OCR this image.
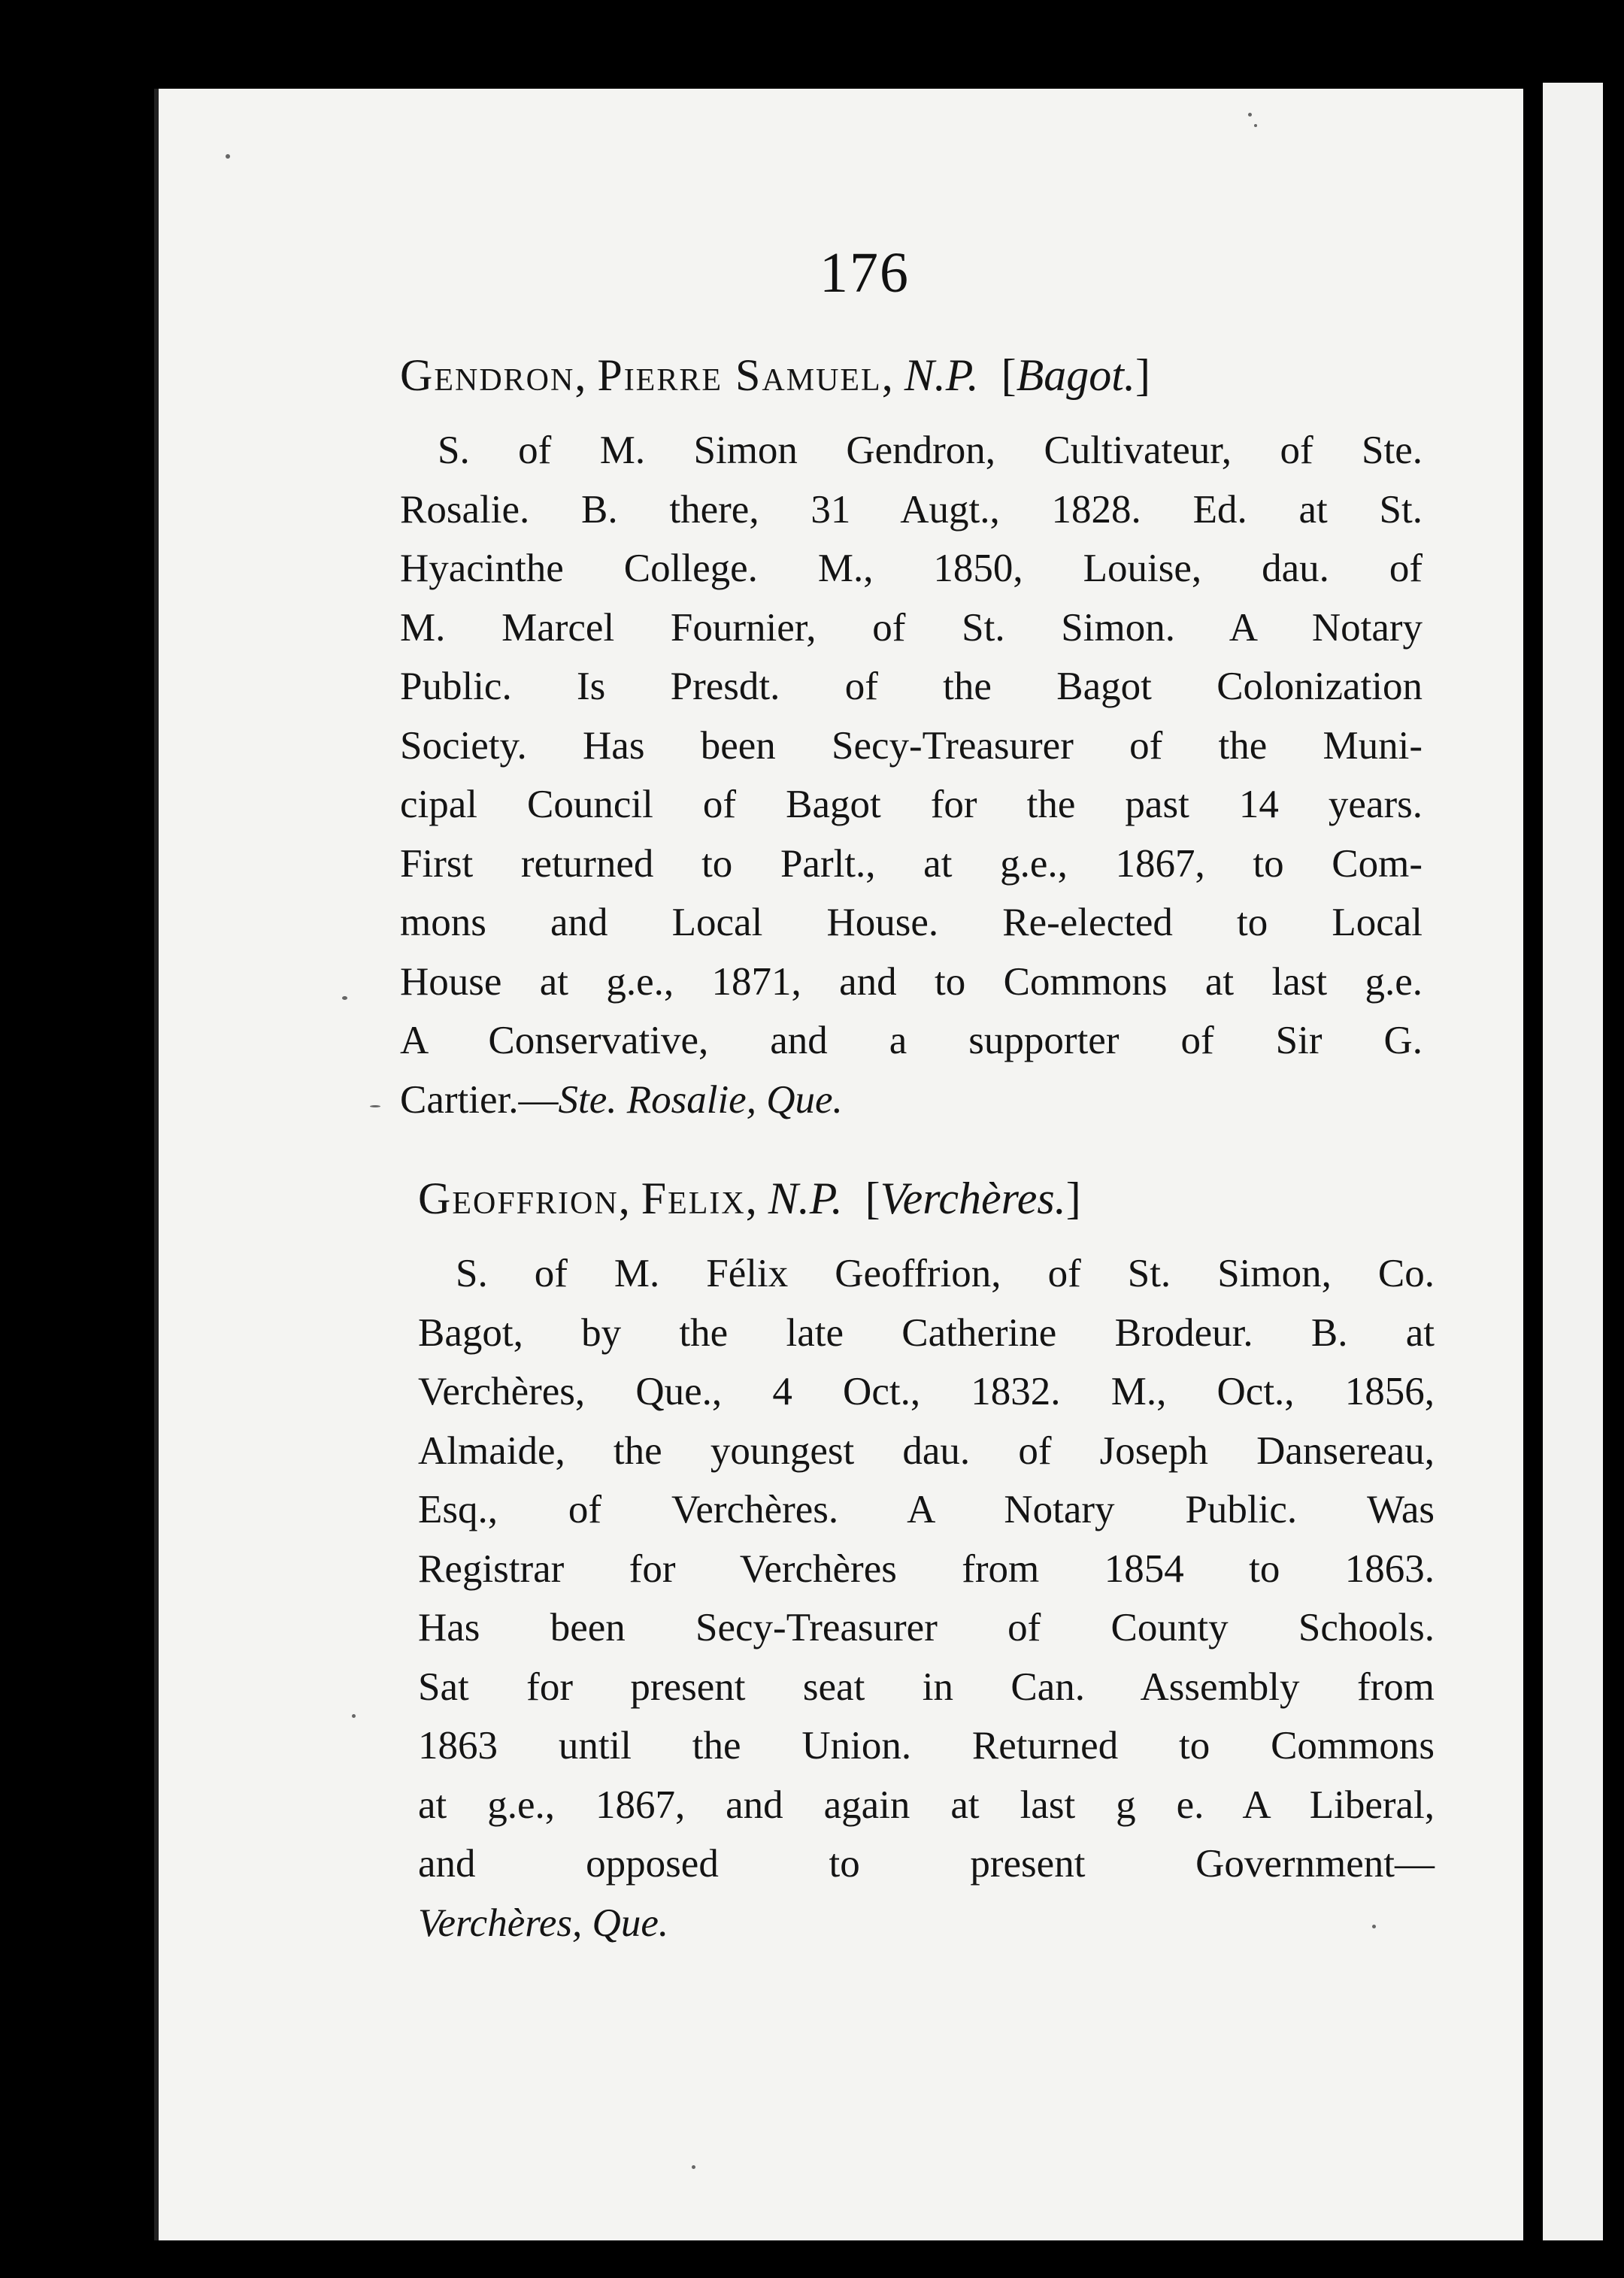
176

Gendron, Pierre Samuel, N.P.  [Bagot.]

S. of M. Simon Gendron, Cultivateur, of Ste.
Rosalie. B. there, 31 Augt., 1828. Ed. at St.
Hyacinthe College. M., 1850, Louise, dau. of
M. Marcel Fournier, of St. Simon. A Notary
Public. Is Presdt. of the Bagot Colonization
Society. Has been Secy-Treasurer of the Muni-
cipal Council of Bagot for the past 14 years.
First returned to Parlt., at g.e., 1867, to Com-
mons and Local House. Re-elected to Local
House at g.e., 1871, and to Commons at last g.e.
A Conservative, and a supporter of Sir G.
Cartier.—Ste. Rosalie, Que.

Geoffrion, Felix, N.P.  [Verchères.]

S. of M. Félix Geoffrion, of St. Simon, Co.
Bagot, by the late Catherine Brodeur. B. at
Verchères, Que., 4 Oct., 1832. M., Oct., 1856,
Almaide, the youngest dau. of Joseph Dansereau,
Esq., of Verchères. A Notary Public. Was
Registrar for Verchères from 1854 to 1863.
Has been Secy-Treasurer of County Schools.
Sat for present seat in Can. Assembly from
1863 until the Union. Returned to Commons
at g.e., 1867, and again at last g e. A Liberal,
and opposed to present Government—
Verchères, Que.
